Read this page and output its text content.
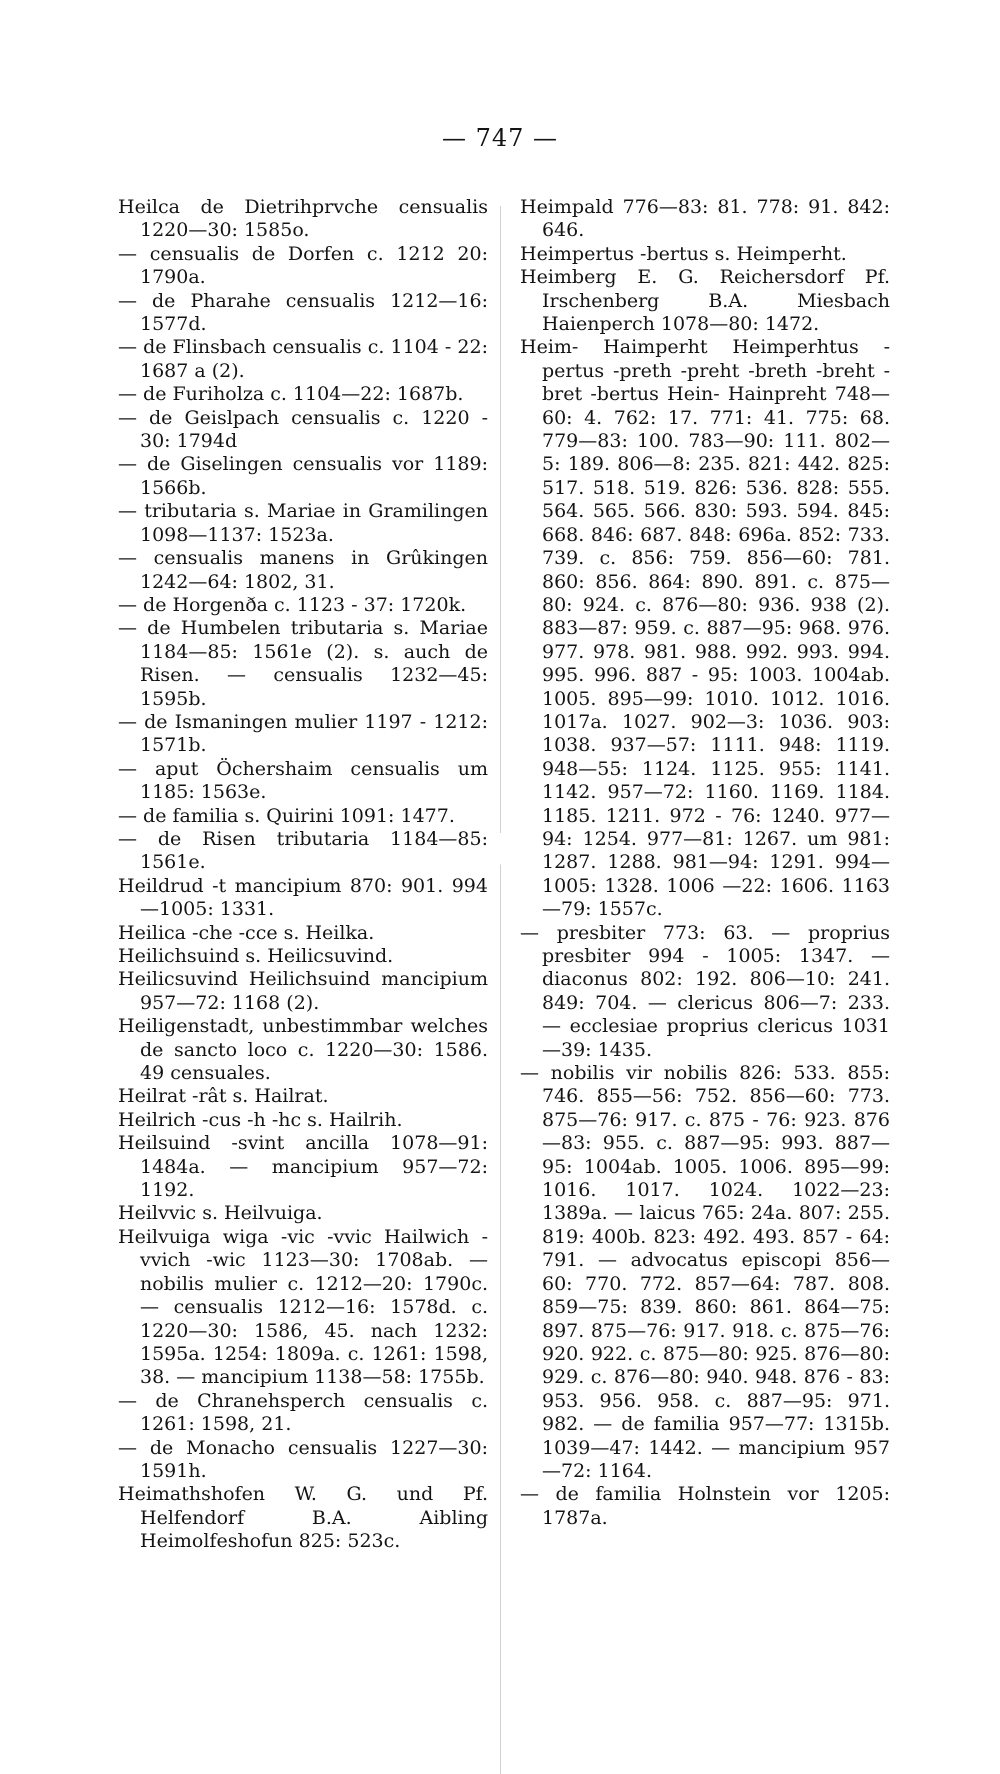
— 747 —

Heilca de Dietrihprvche censualis 1220—30: 1585o.

— censualis de Dorfen c. 1212 20: 1790a.

— de Pharahe censualis 1212—16: 1577d.

— de Flinsbach censualis c. 1104 - 22: 1687 a (2).

— de Furiholza c. 1104—22: 1687b.

— de Geislpach censualis c. 1220 - 30: 1794d

— de Giselingen censualis vor 1189: 1566b.

— tributaria s. Mariae in Gramilingen 1098—1137: 1523a.

— censualis manens in Grûkingen 1242—64: 1802, 31.

— de Horgenða c. 1123 - 37: 1720k.

— de Humbelen tributaria s. Mariae 1184—85: 1561e (2). s. auch de Risen. — censualis 1232—45: 1595b.

— de Ismaningen mulier 1197 - 1212: 1571b.

— aput Öchershaim censualis um 1185: 1563e.

— de familia s. Quirini 1091: 1477.

— de Risen tributaria 1184—85: 1561e.

Heildrud -t mancipium 870: 901. 994—1005: 1331.

Heilica -che -cce s. Heilka.

Heilichsuind s. Heilicsuvind.

Heilicsuvind Heilichsuind mancipium 957—72: 1168 (2).

Heiligenstadt, unbestimmbar welches de sancto loco c. 1220—30: 1586. 49 censuales.

Heilrat -rât s. Hailrat.

Heilrich -cus -h -hc s. Hailrih.

Heilsuind -svint ancilla 1078—91: 1484a. — mancipium 957—72: 1192.

Heilvvic s. Heilvuiga.

Heilvuiga wiga -vic -vvic Hailwich -vvich -wic 1123—30: 1708ab. — nobilis mulier c. 1212—20: 1790c. — censualis 1212—16: 1578d. c. 1220—30: 1586, 45. nach 1232: 1595a. 1254: 1809a. c. 1261: 1598, 38. — mancipium 1138—58: 1755b.

— de Chranehsperch censualis c. 1261: 1598, 21.

— de Monacho censualis 1227—30: 1591h.

Heimathshofen W. G. und Pf. Helfendorf B.A. Aibling Heimolfeshofun 825: 523c.

Heimpald 776—83: 81. 778: 91. 842: 646.

Heimpertus -bertus s. Heimperht.

Heimberg E. G. Reichersdorf Pf. Irschenberg B.A. Miesbach Haienperch 1078—80: 1472.

Heim- Haimperht Heimperhtus -pertus -preth -preht -breth -breht -bret -bertus Hein- Hainpreht 748—60: 4. 762: 17. 771: 41. 775: 68. 779—83: 100. 783—90: 111. 802—5: 189. 806—8: 235. 821: 442. 825: 517. 518. 519. 826: 536. 828: 555. 564. 565. 566. 830: 593. 594. 845: 668. 846: 687. 848: 696a. 852: 733. 739. c. 856: 759. 856—60: 781. 860: 856. 864: 890. 891. c. 875—80: 924. c. 876—80: 936. 938 (2). 883—87: 959. c. 887—95: 968. 976. 977. 978. 981. 988. 992. 993. 994. 995. 996. 887 - 95: 1003. 1004ab. 1005. 895—99: 1010. 1012. 1016. 1017a. 1027. 902—3: 1036. 903: 1038. 937—57: 1111. 948: 1119. 948—55: 1124. 1125. 955: 1141. 1142. 957—72: 1160. 1169. 1184. 1185. 1211. 972 - 76: 1240. 977—94: 1254. 977—81: 1267. um 981: 1287. 1288. 981—94: 1291. 994—1005: 1328. 1006 —22: 1606. 1163—79: 1557c.

— presbiter 773: 63. — proprius presbiter 994 - 1005: 1347. — diaconus 802: 192. 806—10: 241. 849: 704. — clericus 806—7: 233. — ecclesiae proprius clericus 1031—39: 1435.

— nobilis vir nobilis 826: 533. 855: 746. 855—56: 752. 856—60: 773. 875—76: 917. c. 875 - 76: 923. 876—83: 955. c. 887—95: 993. 887—95: 1004ab. 1005. 1006. 895—99: 1016. 1017. 1024. 1022—23: 1389a. — laicus 765: 24a. 807: 255. 819: 400b. 823: 492. 493. 857 - 64: 791. — advocatus episcopi 856—60: 770. 772. 857—64: 787. 808. 859—75: 839. 860: 861. 864—75: 897. 875—76: 917. 918. c. 875—76: 920. 922. c. 875—80: 925. 876—80: 929. c. 876—80: 940. 948. 876 - 83: 953. 956. 958. c. 887—95: 971. 982. — de familia 957—77: 1315b. 1039—47: 1442. — mancipium 957—72: 1164.

— de familia Holnstein vor 1205: 1787a.
